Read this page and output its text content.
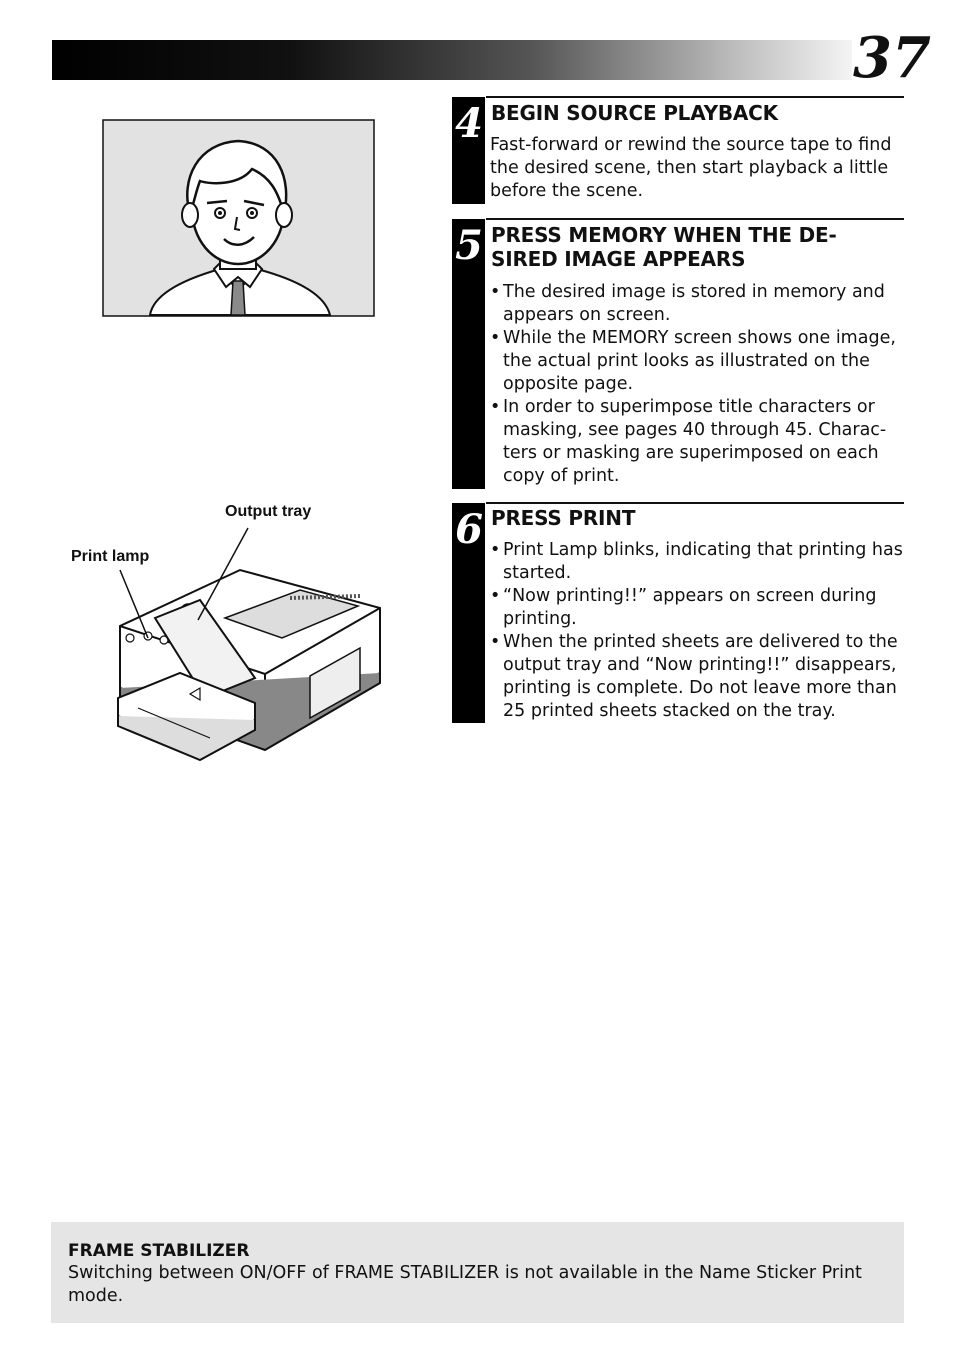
37
Output tray
Print lamp
4 BEGIN SOURCE PLAYBACK
Fast-forward or rewind the source tape to find the desired scene, then start playback a little before the scene.
5 PRESS MEMORY WHEN THE DE- SIRED IMAGE APPEARS
• The desired image is stored in memory and appears on screen.
• While the MEMORY screen shows one image, the actual print looks as illustrated on the opposite page.
• In order to superimpose title characters or masking, see pages 40 through 45. Charac- ters or masking are superimposed on each copy of print.
6 PRESS PRINT
• Print Lamp blinks, indicating that printing has started.
• “Now printing!!” appears on screen during printing.
• When the printed sheets are delivered to the output tray and “Now printing!!” disappears, printing is complete. Do not leave more than 25 printed sheets stacked on the tray.
FRAME STABILIZER
Switching between ON/OFF of FRAME STABILIZER is not available in the Name Sticker Print mode.
